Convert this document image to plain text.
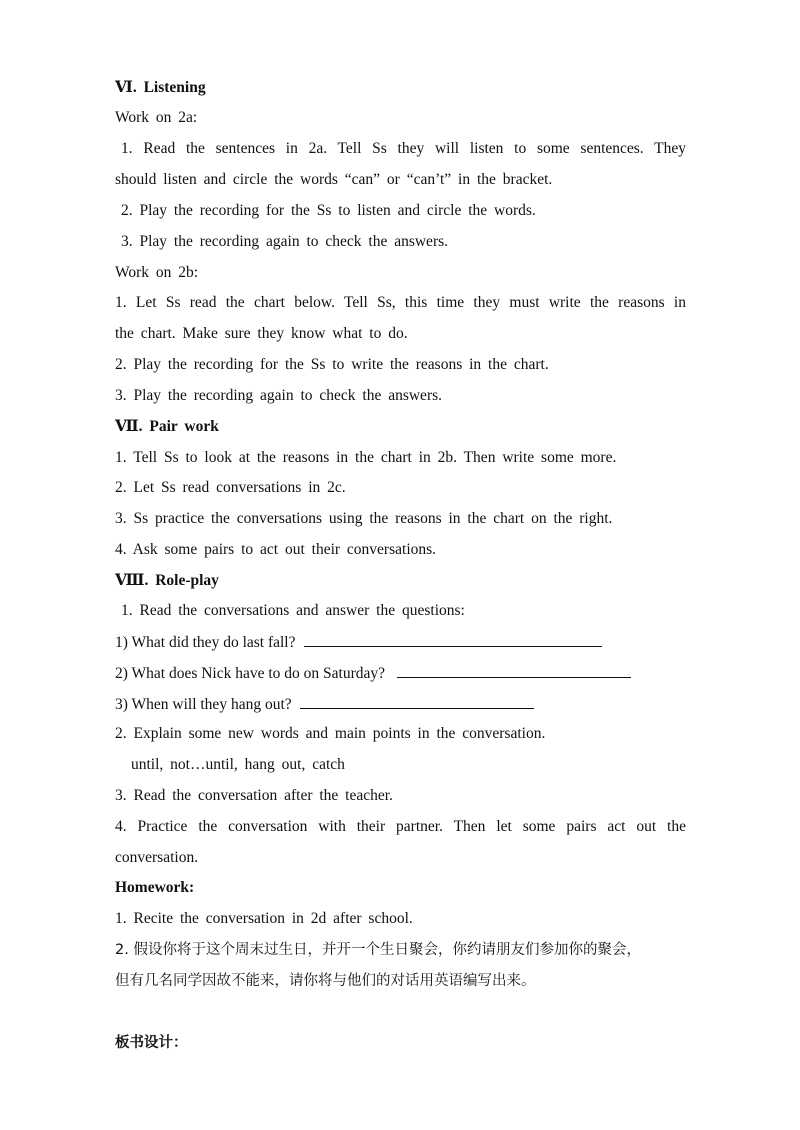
Ⅵ. Listening
Work on 2a:
1. Read the sentences in 2a. Tell Ss they will listen to some sentences. They
should listen and circle the words “can” or “can’t” in the bracket.
2. Play the recording for the Ss to listen and circle the words.
3. Play the recording again to check the answers.
Work on 2b:
1. Let Ss read the chart below. Tell Ss, this time they must write the reasons in
the chart. Make sure they know what to do.
2. Play the recording for the Ss to write the reasons in the chart.
3. Play the recording again to check the answers.
Ⅶ. Pair work
1. Tell Ss to look at the reasons in the chart in 2b. Then write some more.
2. Let Ss read conversations in 2c.
3. Ss practice the conversations using the reasons in the chart on the right.
4. Ask some pairs to act out their conversations.
Ⅷ. Role-play
1. Read the conversations and answer the questions:
1) What did they do last fall?
2) What does Nick have to do on Saturday?
3) When will they hang out?
2. Explain some new words and main points in the conversation.
until, not…until, hang out, catch
3. Read the conversation after the teacher.
4. Practice the conversation with their partner. Then let some pairs act out the
conversation.
Homework:
1. Recite the conversation in 2d after school.
2. 假设你将于这个周末过生日，并开一个生日聚会，你约请朋友们参加你的聚会，
但有几名同学因故不能来，请你将与他们的对话用英语编写出来。
板书设计：
